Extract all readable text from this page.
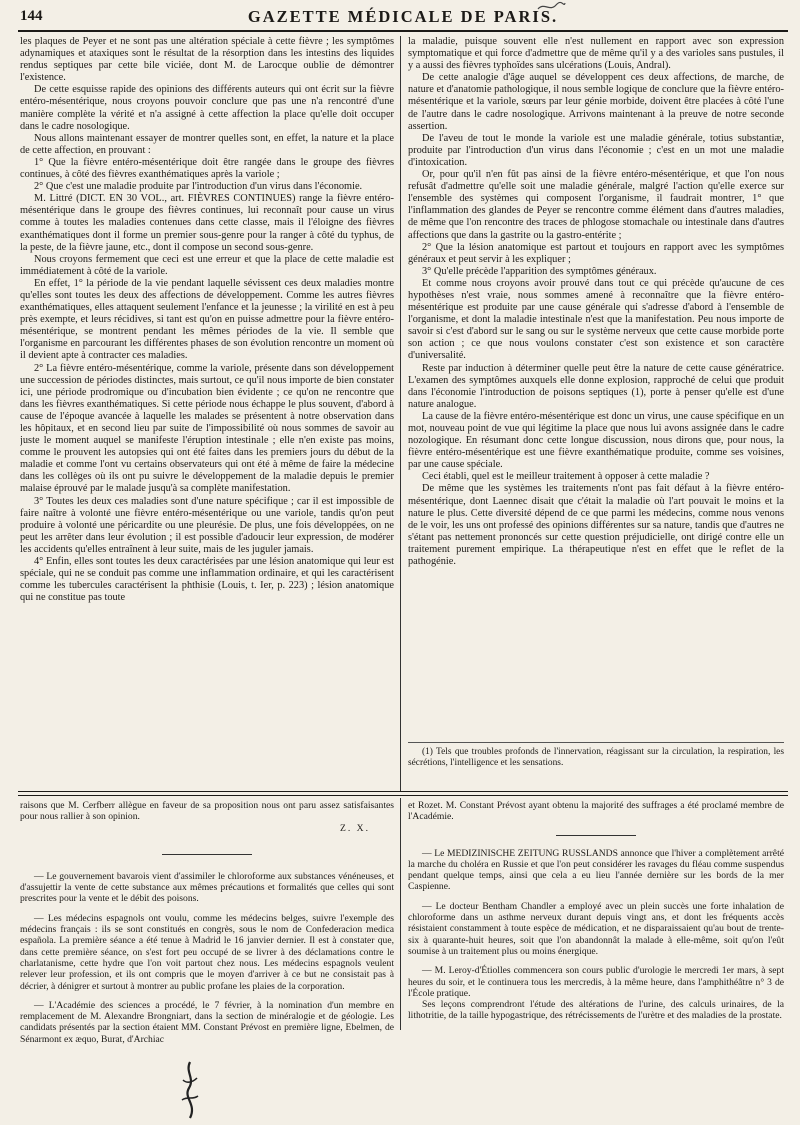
144	GAZETTE MÉDICALE DE PARIS.

les plaques de Peyer et ne sont pas une altération spéciale à cette fièvre ; les symptômes adynamiques et ataxiques sont le résultat de la résorption dans les intestins des liquides rendus septiques par cette bile viciée, dont M. de Larocque oublie de démontrer l'existence.

De cette esquisse rapide des opinions des différents auteurs qui ont écrit sur la fièvre entéro-mésentérique, nous croyons pouvoir conclure que pas une n'a rencontré d'une manière complète la vérité et n'a assigné à cette affection la place qu'elle doit occuper dans le cadre nosologique.

Nous allons maintenant essayer de montrer quelles sont, en effet, la nature et la place de cette affection, en prouvant :

1° Que la fièvre entéro-mésentérique doit être rangée dans le groupe des fièvres continues, à côté des fièvres exanthématiques après la variole ;

2° Que c'est une maladie produite par l'introduction d'un virus dans l'économie.

M. Littré (DICT. EN 30 VOL., art. FIÈVRES CONTINUES) range la fièvre entéro-mésentérique dans le groupe des fièvres continues, lui reconnaît pour cause un virus comme à toutes les maladies contenues dans cette classe, mais il l'éloigne des fièvres exanthématiques dont il forme un premier sous-genre pour la ranger à côté du typhus, de la peste, de la fièvre jaune, etc., dont il compose un second sous-genre.

Nous croyons fermement que ceci est une erreur et que la place de cette maladie est immédiatement à côté de la variole.

En effet, 1° la période de la vie pendant laquelle sévissent ces deux maladies montre qu'elles sont toutes les deux des affections de développement. Comme les autres fièvres exanthématiques, elles attaquent seulement l'enfance et la jeunesse ; la virilité en est à peu près exempte, et leurs récidives, si tant est qu'on en puisse admettre pour la fièvre entéro-mésentérique, se montrent pendant les mêmes périodes de la vie. Il semble que l'organisme en parcourant les différentes phases de son évolution rencontre un moment où il devient apte à contracter ces maladies.

2° La fièvre entéro-mésentérique, comme la variole, présente dans son développement une succession de périodes distinctes, mais surtout, ce qu'il nous importe de bien constater ici, une période prodromique ou d'incubation bien évidente ; ce qu'on ne rencontre que dans les fièvres exanthématiques. Si cette période nous échappe le plus souvent, d'abord à cause de l'époque avancée à laquelle les malades se présentent à notre observation dans les hôpitaux, et en second lieu par suite de l'impossibilité où nous sommes de savoir au juste le moment auquel se manifeste l'éruption intestinale ; elle n'en existe pas moins, comme le prouvent les autopsies qui ont été faites dans les premiers jours du début de la maladie et comme l'ont vu certains observateurs qui ont été à même de faire la médecine dans les collèges où ils ont pu suivre le développement de la maladie depuis le premier malaise éprouvé par le malade jusqu'à sa complète manifestation.

3° Toutes les deux ces maladies sont d'une nature spécifique ; car il est impossible de faire naître à volonté une fièvre entéro-mésentérique ou une variole, tandis qu'on peut produire à volonté une péricardite ou une pleurésie. De plus, une fois développées, on ne peut les arrêter dans leur évolution ; il est possible d'adoucir leur expression, de modérer les accidents qu'elles entraînent à leur suite, mais de les juguler jamais.

4° Enfin, elles sont toutes les deux caractérisées par une lésion anatomique qui leur est spéciale, qui ne se conduit pas comme une inflammation ordinaire, et qui les caractérisent comme les tubercules caractérisent la phthisie (Louis, t. Ier, p. 223) ; lésion anatomique qui ne constitue pas toute

la maladie, puisque souvent elle n'est nullement en rapport avec son expression symptomatique et qui force d'admettre que de même qu'il y a des varioles sans pustules, il y a aussi des fièvres typhoïdes sans ulcérations (Louis, Andral).

De cette analogie d'âge auquel se développent ces deux affections, de marche, de nature et d'anatomie pathologique, il nous semble logique de conclure que la fièvre entéro-mésentérique et la variole, sœurs par leur génie morbide, doivent être placées à côté l'une de l'autre dans le cadre nosologique. Arrivons maintenant à la preuve de notre seconde assertion.

De l'aveu de tout le monde la variole est une maladie générale, totius substantiæ, produite par l'introduction d'un virus dans l'économie ; c'est en un mot une maladie d'intoxication.

Or, pour qu'il n'en fût pas ainsi de la fièvre entéro-mésentérique, et que l'on nous refusât d'admettre qu'elle soit une maladie générale, malgré l'action qu'elle exerce sur l'ensemble des systèmes qui composent l'organisme, il faudrait montrer, 1° que l'inflammation des glandes de Peyer se rencontre comme élément dans d'autres maladies, de même que l'on rencontre des traces de phlogose stomachale ou intestinale dans d'autres affections que dans la gastrite ou la gastro-entérite ;

2° Que la lésion anatomique est partout et toujours en rapport avec les symptômes généraux et peut servir à les expliquer ;

3° Qu'elle précède l'apparition des symptômes généraux.

Et comme nous croyons avoir prouvé dans tout ce qui précède qu'aucune de ces hypothèses n'est vraie, nous sommes amené à reconnaître que la fièvre entéro-mésentérique est produite par une cause générale qui s'adresse d'abord à l'ensemble de l'organisme, et dont la maladie intestinale n'est que la manifestation. Peu nous importe de savoir si c'est d'abord sur le sang ou sur le système nerveux que cette cause morbide porte son action ; ce que nous voulons constater c'est son existence et son caractère d'universalité.

Reste par induction à déterminer quelle peut être la nature de cette cause génératrice. L'examen des symptômes auxquels elle donne explosion, rapproché de celui que produit dans l'économie l'introduction de poisons septiques (1), porte à penser qu'elle est d'une nature analogue.

La cause de la fièvre entéro-mésentérique est donc un virus, une cause spécifique en un mot, nouveau point de vue qui légitime la place que nous lui avons assignée dans le cadre nozologique. En résumant donc cette longue discussion, nous dirons que, pour nous, la fièvre entéro-mésentérique est une fièvre exanthématique produite, comme ses voisines, par une cause spéciale.

Ceci établi, quel est le meilleur traitement à opposer à cette maladie ?

De même que les systèmes les traitements n'ont pas fait défaut à la fièvre entéro-mésentérique, dont Laennec disait que c'était la maladie où l'art pouvait le moins et la nature le plus. Cette diversité dépend de ce que parmi les médecins, comme nous venons de le voir, les uns ont professé des opinions différentes sur sa nature, tandis que d'autres ne s'étant pas nettement prononcés sur cette question préjudicielle, ont dirigé contre elle un traitement purement empirique. La thérapeutique n'est en effet que le reflet de la pathogénie.

(1) Tels que troubles profonds de l'innervation, réagissant sur la circulation, la respiration, les sécrétions, l'intelligence et les sensations.

raisons que M. Cerfberr allègue en faveur de sa proposition nous ont paru assez satisfaisantes pour nous rallier à son opinion.

Z. X.

— Le gouvernement bavarois vient d'assimiler le chloroforme aux substances vénéneuses, et d'assujettir la vente de cette substance aux mêmes précautions et formalités que celles qui sont prescrites pour la vente et le débit des poisons.

— Les médecins espagnols ont voulu, comme les médecins belges, suivre l'exemple des médecins français : ils se sont constitués en congrès, sous le nom de Confederacion medica española. La première séance a été tenue à Madrid le 16 janvier dernier. Il est à constater que, dans cette première séance, on s'est fort peu occupé de se livrer à des déclamations contre le charlatanisme, cette hydre que l'on voit partout chez nous. Les médecins espagnols veulent relever leur profession, et ils ont compris que le moyen d'arriver à ce but ne consistait pas à décrier, à dénigrer et surtout à montrer au public profane les plaies de la corporation.

— L'Académie des sciences a procédé, le 7 février, à la nomination d'un membre en remplacement de M. Alexandre Brongniart, dans la section de minéralogie et de géologie. Les candidats présentés par la section étaient MM. Constant Prévost en première ligne, Ebelmen, de Sénarmont ex æquo, Burat, d'Archiac

et Rozet. M. Constant Prévost ayant obtenu la majorité des suffrages a été proclamé membre de l'Académie.

— Le MEDIZINISCHE ZEITUNG RUSSLANDS annonce que l'hiver a complètement arrêté la marche du choléra en Russie et que l'on peut considérer les ravages du fléau comme suspendus pendant quelque temps, ainsi que cela a eu lieu l'année dernière sur les bords de la mer Caspienne.

— Le docteur Bentham Chandler a employé avec un plein succès une forte inhalation de chloroforme dans un asthme nerveux durant depuis vingt ans, et dont les fréquents accès résistaient constamment à toute espèce de médication, et ne disparaissaient qu'au bout de trente-six à quarante-huit heures, soit que l'on abandonnât la malade à elle-même, soit qu'on l'eût soumise à un traitement plus ou moins énergique.

— M. Leroy-d'Étiolles commencera son cours public d'urologie le mercredi 1er mars, à sept heures du soir, et le continuera tous les mercredis, à la même heure, dans l'amphithéâtre n° 3 de l'École pratique.

Ses leçons comprendront l'étude des altérations de l'urine, des calculs urinaires, de la lithotritie, de la taille hypogastrique, des rétrécissements de l'urètre et des maladies de la prostate.
